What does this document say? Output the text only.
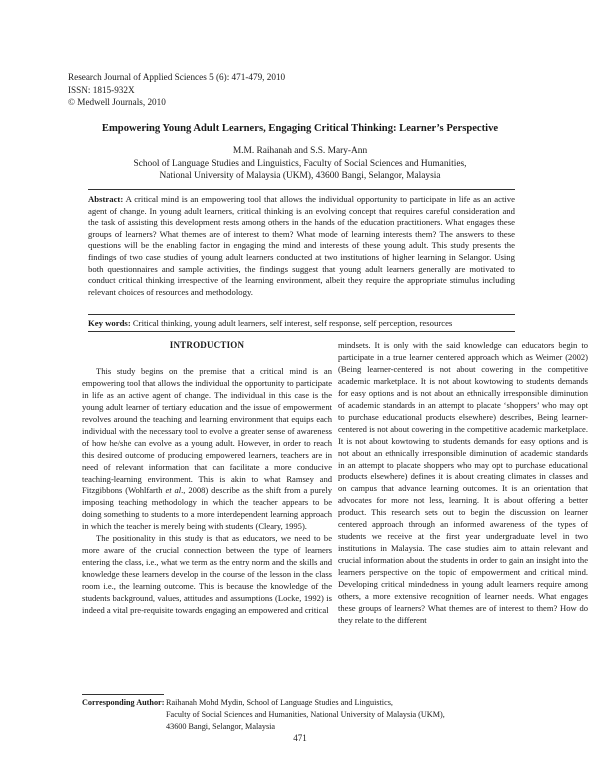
Research Journal of Applied Sciences 5 (6): 471-479, 2010
ISSN: 1815-932X
© Medwell Journals, 2010
Empowering Young Adult Learners, Engaging Critical Thinking: Learner’s Perspective
M.M. Raihanah and S.S. Mary-Ann
School of Language Studies and Linguistics, Faculty of Social Sciences and Humanities,
National University of Malaysia (UKM), 43600 Bangi, Selangor, Malaysia
Abstract: A critical mind is an empowering tool that allows the individual opportunity to participate in life as an active agent of change. In young adult learners, critical thinking is an evolving concept that requires careful consideration and the task of assisting this development rests among others in the hands of the education practitioners. What engages these groups of learners? What themes are of interest to them? What mode of learning interests them? The answers to these questions will be the enabling factor in engaging the mind and interests of these young adult. This study presents the findings of two case studies of young adult learners conducted at two institutions of higher learning in Selangor. Using both questionnaires and sample activities, the findings suggest that young adult learners generally are motivated to conduct critical thinking irrespective of the learning environment, albeit they require the appropriate stimulus including relevant choices of resources and methodology.
Key words: Critical thinking, young adult learners, self interest, self response, self perception, resources
INTRODUCTION

This study begins on the premise that a critical mind is an empowering tool that allows the individual the opportunity to participate in life as an active agent of change. The individual in this case is the young adult learner of tertiary education and the issue of empowerment revolves around the teaching and learning environment that equips each individual with the necessary tool to evolve a greater sense of awareness of how he/she can evolve as a young adult. However, in order to reach this desired outcome of producing empowered learners, teachers are in need of relevant information that can facilitate a more conducive teaching-learning environment. This is akin to what Ramsey and Fitzgibbons (Wohlfarth et al., 2008) describe as the shift from a purely imposing teaching methodology in which the teacher appears to be doing something to students to a more interdependent learning approach in which the teacher is merely being with students (Cleary, 1995).

The positionality in this study is that as educators, we need to be more aware of the crucial connection between the type of learners entering the class, i.e., what we term as the entry norm and the skills and knowledge these learners develop in the course of the lesson in the class room i.e., the learning outcome. This is because the knowledge of the students background, values, attitudes and assumptions (Locke, 1992) is indeed a vital pre-requisite towards engaging an empowered and critical

mindsets. It is only with the said knowledge can educators begin to participate in a true learner centered approach which as Weimer (2002) (Being learner-centered is not about cowering in the competitive academic marketplace. It is not about kowtowing to students demands for easy options and is not about an ethnically irresponsible diminution of academic standards in an attempt to placate ‘shoppers’ who may opt to purchase educational products elsewhere) describes, Being learner-centered is not about cowering in the competitive academic marketplace. It is not about kowtowing to students demands for easy options and is not about an ethnically irresponsible diminution of academic standards in an attempt to placate shoppers who may opt to purchase educational products elsewhere) defines it is about creating climates in classes and on campus that advance learning outcomes. It is an orientation that advocates for more not less, learning. It is about offering a better product. This research sets out to begin the discussion on learner centered approach through an informed awareness of the types of students we receive at the first year undergraduate level in two institutions in Malaysia. The case studies aim to attain relevant and crucial information about the students in order to gain an insight into the learners perspective on the topic of empowerment and critical mind. Developing critical mindedness in young adult learners require among others, a more extensive recognition of learner needs. What engages these groups of learners? What themes are of interest to them? How do they relate to the different

Corresponding Author: Raihanah Mohd Mydin, School of Language Studies and Linguistics,
Faculty of Social Sciences and Humanities, National University of Malaysia (UKM),
43600 Bangi, Selangor, Malaysia
471
